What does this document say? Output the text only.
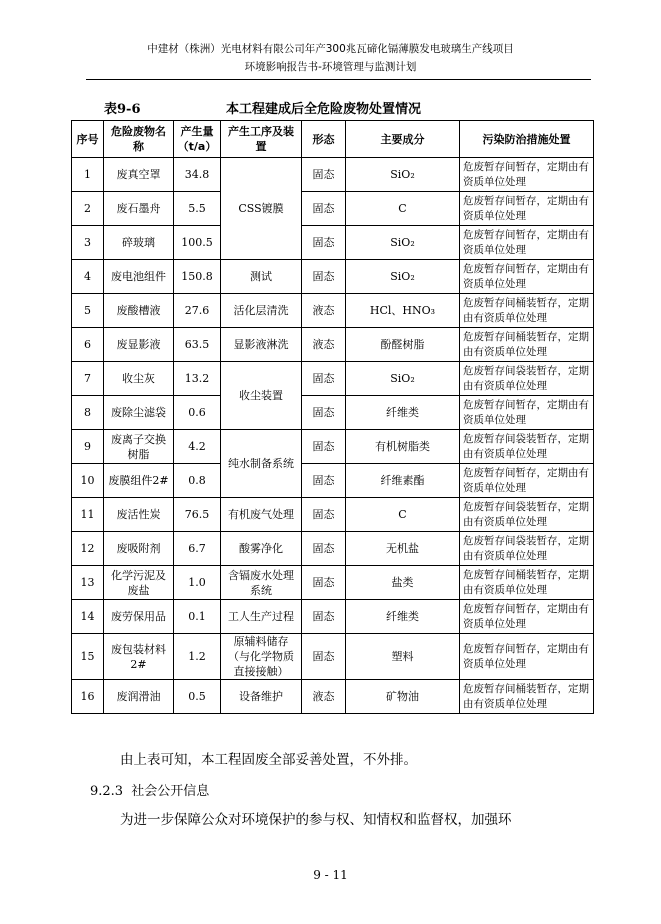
中建材（株洲）光电材料有限公司年产300兆瓦碲化镉薄膜发电玻璃生产线项目
环境影响报告书-环境管理与监测计划
表9-6	本工程建成后全危险废物处置情况
序号	危险废物名称	产生量（t/a）	产生工序及装置	形态	主要成分	污染防治措施处置
1	废真空罩	34.8	CSS镀膜	固态	SiO₂	危废暂存间暂存，定期由有资质单位处理
2	废石墨舟	5.5		固态	C	危废暂存间暂存，定期由有资质单位处理
3	碎玻璃	100.5		固态	SiO₂	危废暂存间暂存，定期由有资质单位处理
4	废电池组件	150.8	测试	固态	SiO₂	危废暂存间暂存，定期由有资质单位处理
5	废酸槽液	27.6	活化层清洗	液态	HCl、HNO₃	危废暂存间桶装暂存，定期由有资质单位处理
6	废显影液	63.5	显影液淋洗	液态	酚醛树脂	危废暂存间桶装暂存，定期由有资质单位处理
7	收尘灰	13.2	收尘装置	固态	SiO₂	危废暂存间袋装暂存，定期由有资质单位处理
8	废除尘滤袋	0.6		固态	纤维类	危废暂存间暂存，定期由有资质单位处理
9	废离子交换树脂	4.2	纯水制备系统	固态	有机树脂类	危废暂存间袋装暂存，定期由有资质单位处理
10	废膜组件2#	0.8		固态	纤维素酯	危废暂存间暂存，定期由有资质单位处理
11	废活性炭	76.5	有机废气处理	固态	C	危废暂存间袋装暂存，定期由有资质单位处理
12	废吸附剂	6.7	酸雾净化	固态	无机盐	危废暂存间袋装暂存，定期由有资质单位处理
13	化学污泥及废盐	1.0	含镉废水处理系统	固态	盐类	危废暂存间桶装暂存，定期由有资质单位处理
14	废劳保用品	0.1	工人生产过程	固态	纤维类	危废暂存间暂存，定期由有资质单位处理
15	废包装材料2#	1.2	原辅料储存（与化学物质直接接触）	固态	塑料	危废暂存间暂存，定期由有资质单位处理
16	废润滑油	0.5	设备维护	液态	矿物油	危废暂存间桶装暂存，定期由有资质单位处理
由上表可知，本工程固废全部妥善处置，不外排。
9.2.3 社会公开信息
为进一步保障公众对环境保护的参与权、知情权和监督权，加强环
9 - 11
